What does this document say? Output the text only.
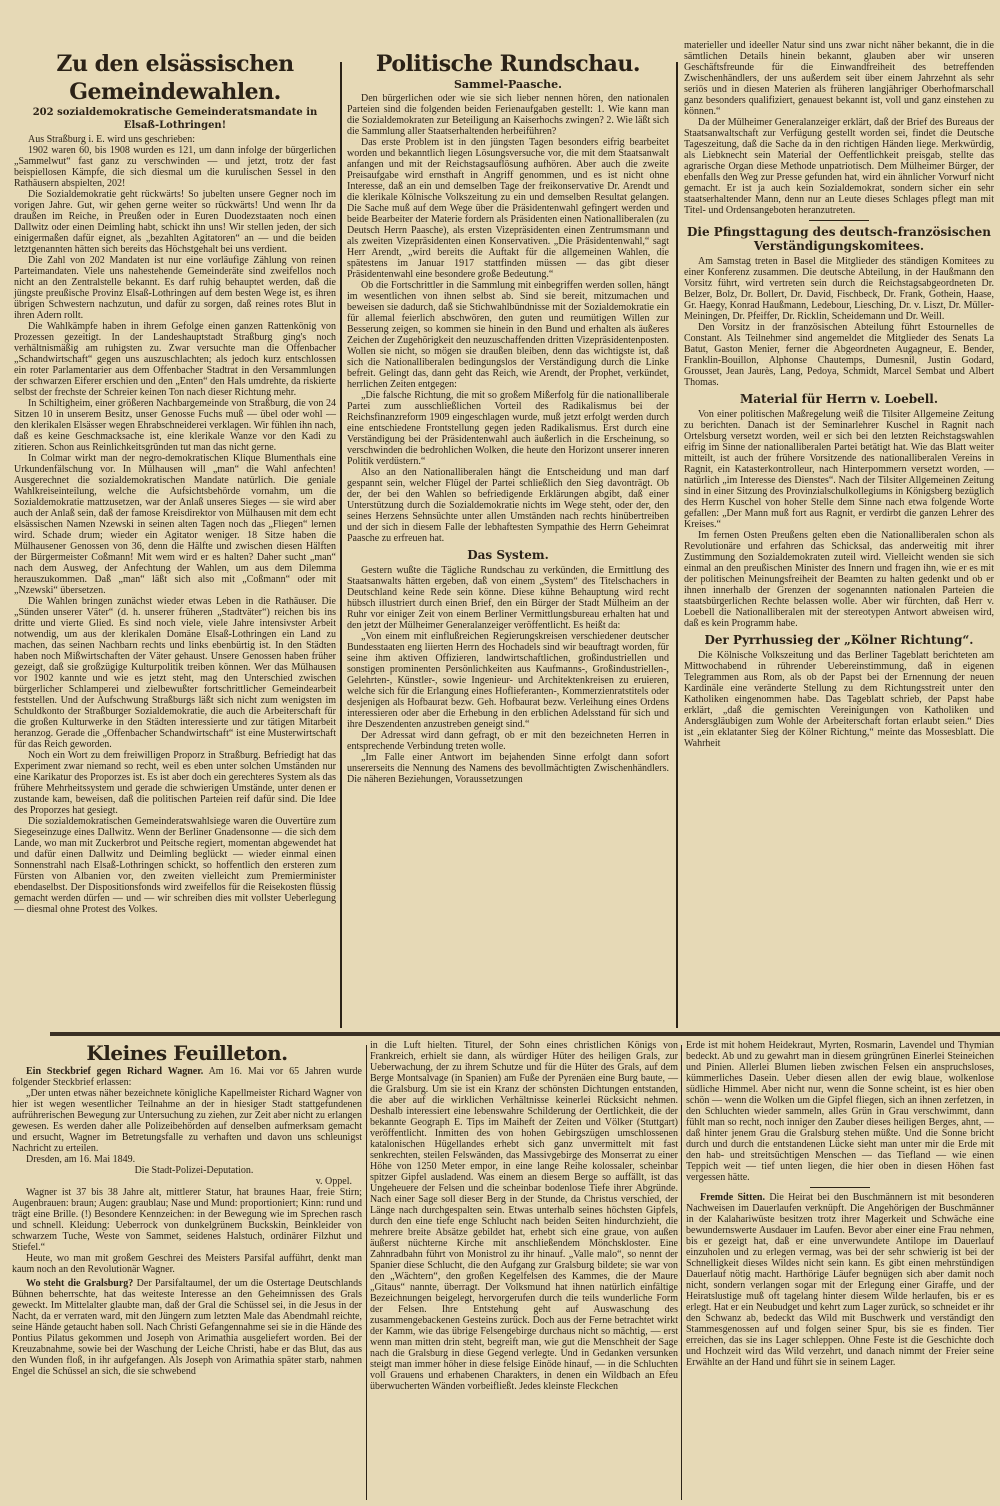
Zu den elsässischen Gemeindewahlen.
202 sozialdemokratische Gemeinderatsmandate in Elsaß-Lothringen!

Aus Straßburg i. E. wird uns geschrieben:

1902 waren 60, bis 1908 wurden es 121, um dann infolge der bürgerlichen „Sammelwut“ fast ganz zu verschwinden — und jetzt, trotz der fast beispiellosen Kämpfe, die sich diesmal um die kurulischen Sessel in den Rathäusern abspielten, 202!

Die Sozialdemokratie geht rückwärts! So jubelten unsere Gegner noch im vorigen Jahre. Gut, wir gehen gerne weiter so rückwärts! Und wenn Ihr da draußen im Reiche, in Preußen oder in Euren Duodezstaaten noch einen Dallwitz oder einen Deimling habt, schickt ihn uns! Wir stellen jeden, der sich einigermaßen dafür eignet, als „bezahlten Agitatoren“ an — und die beiden letztgenannten hätten sich bereits das Höchstgehalt bei uns verdient.

Die Zahl von 202 Mandaten ist nur eine vorläufige Zählung von reinen Parteimandaten. Viele uns nahestehende Gemeinderäte sind zweifellos noch nicht an den Zentralstelle bekannt. Es darf ruhig behauptet werden, daß die jüngste preußische Provinz Elsaß-Lothringen auf dem besten Wege ist, es ihren übrigen Schwestern nachzutun, und dafür zu sorgen, daß reines rotes Blut in ihren Adern rollt.

Die Wahlkämpfe haben in ihrem Gefolge einen ganzen Rattenkönig von Prozessen gezeitigt. In der Landeshauptstadt Straßburg ging's noch verhältnismäßig am ruhigsten zu. Zwar versuchte man die Offenbacher „Schandwirtschaft“ gegen uns auszuschlachten; als jedoch kurz entschlossen ein roter Parlamentarier aus dem Offenbacher Stadtrat in den Versammlungen der schwarzen Eiferer erschien und den „Enten“ den Hals umdrehte, da riskierte selbst der frechste der Schreier keinen Ton nach dieser Richtung mehr.

In Schiltigheim, einer größeren Nachbargemeinde von Straßburg, die von 24 Sitzen 10 in unserem Besitz, unser Genosse Fuchs muß — übel oder wohl — den klerikalen Elsässer wegen Ehrabschneiderei verklagen. Wir fühlen ihn nach, daß es keine Geschmacksache ist, eine klerikale Wanze vor den Kadi zu zitieren. Schon aus Reinlichkeitsgründen tut man das nicht gerne.

In Colmar wirkt man der negro-demokratischen Klique Blumenthals eine Urkundenfälschung vor. In Mülhausen will „man“ die Wahl anfechten! Ausgerechnet die sozialdemokratischen Mandate natürlich. Die geniale Wahlkreiseinteilung, welche die Aufsichtsbehörde vornahm, um die Sozialdemokratie mattzusetzen, war der Anlaß unseres Sieges — sie wird aber auch der Anlaß sein, daß der famose Kreisdirektor von Mülhausen mit dem echt elsässischen Namen Nzewski in seinen alten Tagen noch das „Fliegen“ lernen wird. Schade drum; wieder ein Agitator weniger. 18 Sitze haben die Mülhausener Genossen von 36, denn die Hälfte und zwischen diesen Hälften der Bürgermeister Coßmann! Mit wem wird er es halten? Daher sucht „man“ nach dem Ausweg, der Anfechtung der Wahlen, um aus dem Dilemma herauszukommen. Daß „man“ läßt sich also mit „Coßmann“ oder mit „Nzewski“ übersetzen.

Die Wahlen bringen zunächst wieder etwas Leben in die Rathäuser. Die „Sünden unserer Väter“ (d. h. unserer früheren „Stadtväter“) reichen bis ins dritte und vierte Glied. Es sind noch viele, viele Jahre intensivster Arbeit notwendig, um aus der klerikalen Domäne Elsaß-Lothringen ein Land zu machen, das seinen Nachbarn rechts und links ebenbürtig ist. In den Städten haben noch Mißwirtschaften der Väter gehaust. Unsere Genossen haben früher gezeigt, daß sie großzügige Kulturpolitik treiben können. Wer das Mülhausen vor 1902 kannte und wie es jetzt steht, mag den Unterschied zwischen bürgerlicher Schlamperei und zielbewußter fortschrittlicher Gemeindearbeit feststellen. Und der Aufschwung Straßburgs läßt sich nicht zum wenigsten im Schuldkonto der Straßburger Sozialdemokratie, die auch die Arbeiterschaft für die großen Kulturwerke in den Städten interessierte und zur tätigen Mitarbeit heranzog. Gerade die „Offenbacher Schandwirtschaft“ ist eine Musterwirtschaft für das Reich geworden.

Noch ein Wort zu dem freiwilligen Proporz in Straßburg. Befriedigt hat das Experiment zwar niemand so recht, weil es eben unter solchen Umständen nur eine Karikatur des Proporzes ist. Es ist aber doch ein gerechteres System als das frühere Mehrheitssystem und gerade die schwierigen Umstände, unter denen er zustande kam, beweisen, daß die politischen Parteien reif dafür sind. Die Idee des Proporzes hat gesiegt.

Die sozialdemokratischen Gemeinderatswahlsiege waren die Ouvertüre zum Siegeseinzuge eines Dallwitz. Wenn der Berliner Gnadensonne — die sich dem Lande, wo man mit Zuckerbrot und Peitsche regiert, momentan abgewendet hat und dafür einen Dallwitz und Deimling beglückt — wieder einmal einen Sonnenstrahl nach Elsaß-Lothringen schickt, so hoffentlich den ersteren zum Fürsten von Albanien vor, den zweiten vielleicht zum Premierminister ebendaselbst. Der Dispositionsfonds wird zweifellos für die Reisekosten flüssig gemacht werden dürfen — und — wir schreiben dies mit vollster Ueberlegung — diesmal ohne Protest des Volkes.

Politische Rundschau.
Sammel-Paasche.

Den bürgerlichen oder wie sie sich lieber nennen hören, den nationalen Parteien sind die folgenden beiden Ferienaufgaben gestellt: 1. Wie kann man die Sozialdemokraten zur Beteiligung an Kaiserhochs zwingen? 2. Wie läßt sich die Sammlung aller Staatserhaltenden herbeiführen?

Das erste Problem ist in den jüngsten Tagen besonders eifrig bearbeitet worden und bekanntlich liegen Lösungsversuche vor, die mit dem Staatsanwalt anfangen und mit der Reichstagsauflösung aufhören. Aber auch die zweite Preisaufgabe wird ernsthaft in Angriff genommen, und es ist nicht ohne Interesse, daß an ein und demselben Tage der freikonservative Dr. Arendt und die klerikale Kölnische Volkszeitung zu ein und demselben Resultat gelangen. Die Sache muß auf dem Wege über die Präsidentenwahl gefingert werden und beide Bearbeiter der Materie fordern als Präsidenten einen Nationalliberalen (zu Deutsch Herrn Paasche), als ersten Vizepräsidenten einen Zentrumsmann und als zweiten Vizepräsidenten einen Konservativen. „Die Präsidentenwahl,“ sagt Herr Arendt, „wird bereits die Auftakt für die allgemeinen Wahlen, die spätestens im Januar 1917 stattfinden müssen — das gibt dieser Präsidentenwahl eine besondere große Bedeutung.“

Ob die Fortschrittler in die Sammlung mit einbegriffen werden sollen, hängt im wesentlichen von ihnen selbst ab. Sind sie bereit, mitzumachen und beweisen sie dadurch, daß sie Stichwahlbündnisse mit der Sozialdemokratie ein für allemal feierlich abschwören, den guten und reumütigen Willen zur Besserung zeigen, so kommen sie hinein in den Bund und erhalten als äußeres Zeichen der Zugehörigkeit den neuzuschaffenden dritten Vizepräsidentenposten. Wollen sie nicht, so mögen sie draußen bleiben, denn das wichtigste ist, daß sich die Nationalliberalen bedingungslos der Verständigung durch die Linke befreit. Gelingt das, dann geht das Reich, wie Arendt, der Prophet, verkündet, herrlichen Zeiten entgegen:

„Die falsche Richtung, die mit so großem Mißerfolg für die nationalliberale Partei zum ausschließlichen Vorteil des Radikalismus bei der Reichsfinanzreform 1909 eingeschlagen wurde, muß jetzt erfolgt werden durch eine entschiedene Frontstellung gegen jeden Radikalismus. Erst durch eine Verständigung bei der Präsidentenwahl auch äußerlich in die Erscheinung, so verschwinden die bedrohlichen Wolken, die heute den Horizont unserer inneren Politik verdüstern.“

Also an den Nationalliberalen hängt die Entscheidung und man darf gespannt sein, welcher Flügel der Partei schließlich den Sieg davonträgt. Ob der, der bei den Wahlen so befriedigende Erklärungen abgibt, daß einer Unterstützung durch die Sozialdemokratie nichts im Wege steht, oder der, den seines Herzens Sehnsüchte unter allen Umständen nach rechts hinübertreiben und der sich in diesem Falle der lebhaftesten Sympathie des Herrn Geheimrat Paasche zu erfreuen hat.

Das System.

Gestern wußte die Tägliche Rundschau zu verkünden, die Ermittlung des Staatsanwalts hätten ergeben, daß von einem „System“ des Titelschachers in Deutschland keine Rede sein könne. Diese kühne Behauptung wird recht hübsch illustriert durch einen Brief, den ein Bürger der Stadt Mülheim an der Ruhr vor einiger Zeit von einem Berliner Vermittlungsbureau erhalten hat und den jetzt der Mülheimer Generalanzeiger veröffentlicht. Es heißt da:

„Von einem mit einflußreichen Regierungskreisen verschiedener deutscher Bundesstaaten eng liierten Herrn des Hochadels sind wir beauftragt worden, für seine ihm aktiven Offizieren, landwirtschaftlichen, großindustriellen und sonstigen prominenten Persönlichkeiten aus Kaufmanns-, Großindustriellen-, Gelehrten-, Künstler-, sowie Ingenieur- und Architektenkreisen zu eruieren, welche sich für die Erlangung eines Hoflieferanten-, Kommerzienratstitels oder desjenigen als Hofbaurat bezw. Geh. Hofbaurat bezw. Verleihung eines Ordens interessieren oder aber die Erhebung in den erblichen Adelsstand für sich und ihre Deszendenten anzustreben geneigt sind.“

Der Adressat wird dann gefragt, ob er mit den bezeichneten Herren in entsprechende Verbindung treten wolle.

„Im Falle einer Antwort im bejahenden Sinne erfolgt dann sofort unsererseits die Nennung des Namens des bevollmächtigten Zwischenhändlers. Die näheren Beziehungen, Voraussetzungen

materieller und ideeller Natur sind uns zwar nicht näher bekannt, die in die sämtlichen Details hinein bekannt, glauben aber wir unseren Geschäftsfreunde für die Einwandfreiheit des betreffenden Zwischenhändlers, der uns außerdem seit über einem Jahrzehnt als sehr seriös und in diesen Materien als früheren langjähriger Oberhofmarschall ganz besonders qualifiziert, genauest bekannt ist, voll und ganz einstehen zu können.“

Da der Mülheimer Generalanzeiger erklärt, daß der Brief des Bureaus der Staatsanwaltschaft zur Verfügung gestellt worden sei, findet die Deutsche Tageszeitung, daß die Sache da in den richtigen Händen liege. Merkwürdig, als Liebknecht sein Material der Oeffentlichkeit preisgab, stellte das agrarische Organ diese Methode unpatriotisch. Dem Mülheimer Bürger, der ebenfalls den Weg zur Presse gefunden hat, wird ein ähnlicher Vorwurf nicht gemacht. Er ist ja auch kein Sozialdemokrat, sondern sicher ein sehr staatserhaltender Mann, denn nur an Leute dieses Schlages pflegt man mit Titel- und Ordensangeboten heranzutreten.

Die Pfingsttagung des deutsch-französischen Verständigungskomitees.

Am Samstag treten in Basel die Mitglieder des ständigen Komitees zu einer Konferenz zusammen. Die deutsche Abteilung, in der Haußmann den Vorsitz führt, wird vertreten sein durch die Reichstagsabgeordneten Dr. Belzer, Bolz, Dr. Bollert, Dr. David, Fischbeck, Dr. Frank, Gothein, Haase, Gr. Haegy, Konrad Haußmann, Ledebour, Liesching, Dr. v. Liszt, Dr. Müller-Meiningen, Dr. Pfeiffer, Dr. Ricklin, Scheidemann und Dr. Weill.

Den Vorsitz in der französischen Abteilung führt Estournelles de Constant. Als Teilnehmer sind angemeldet die Mitglieder des Senats La Batut, Gaston Menier, ferner die Abgeordneten Augagneur, E. Bender, Franklin-Bouillon, Alphonse Chautemps, Dumesnil, Justin Godard, Grousset, Jean Jaurès, Lang, Pedoya, Schmidt, Marcel Sembat und Albert Thomas.

Material für Herrn v. Loebell.

Von einer politischen Maßregelung weiß die Tilsiter Allgemeine Zeitung zu berichten. Danach ist der Seminarlehrer Kuschel in Ragnit nach Ortelsburg versetzt worden, weil er sich bei den letzten Reichstagswahlen eifrig im Sinne der nationalliberalen Partei betätigt hat. Wie das Blatt weiter mitteilt, ist auch der frühere Vorsitzende des nationalliberalen Vereins in Ragnit, ein Katasterkontrolleur, nach Hinterpommern versetzt worden, — natürlich „im Interesse des Dienstes“. Nach der Tilsiter Allgemeinen Zeitung sind in einer Sitzung des Provinzialschulkollegiums in Königsberg bezüglich des Herrn Kuschel von hoher Stelle dem Sinne nach etwa folgende Worte gefallen: „Der Mann muß fort aus Ragnit, er verdirbt die ganzen Lehrer des Kreises.“

Im fernen Osten Preußens gelten eben die Nationalliberalen schon als Revolutionäre und erfahren das Schicksal, das anderweitig mit ihrer Zustimmung den Sozialdemokraten zuteil wird. Vielleicht wenden sie sich einmal an den preußischen Minister des Innern und fragen ihn, wie er es mit der politischen Meinungsfreiheit der Beamten zu halten gedenkt und ob er ihnen innerhalb der Grenzen der sogenannten nationalen Parteien die staatsbürgerlichen Rechte belassen wolle. Aber wir fürchten, daß Herr v. Loebell die Nationalliberalen mit der stereotypen Antwort abweisen wird, daß es kein Programm habe.

Der Pyrrhussieg der „Kölner Richtung“.

Die Kölnische Volkszeitung und das Berliner Tageblatt berichteten am Mittwochabend in rührender Uebereinstimmung, daß in eigenen Telegrammen aus Rom, als ob der Papst bei der Ernennung der neuen Kardinäle eine veränderte Stellung zu dem Richtungsstreit unter den Katholiken eingenommen habe. Das Tageblatt schrieb, der Papst habe erklärt, „daß die gemischten Vereinigungen von Katholiken und Andersgläubigen zum Wohle der Arbeiterschaft fortan erlaubt seien.“ Dies ist „ein eklatanter Sieg der Kölner Richtung,“ meinte das Mossesblatt. Die Wahrheit

Kleines Feuilleton.

Ein Steckbrief gegen Richard Wagner. Am 16. Mai vor 65 Jahren wurde folgender Steckbrief erlassen:

„Der unten etwas näher bezeichnete königliche Kapellmeister Richard Wagner von hier ist wegen wesentlicher Teilnahme an der in hiesiger Stadt stattgefundenen aufrührerischen Bewegung zur Untersuchung zu ziehen, zur Zeit aber nicht zu erlangen gewesen. Es werden daher alle Polizeibehörden auf denselben aufmerksam gemacht und ersucht, Wagner im Betretungsfalle zu verhaften und davon uns schleunigst Nachricht zu erteilen.

Dresden, am 16. Mai 1849.

Die Stadt-Polizei-Deputation.

v. Oppel.

Wagner ist 37 bis 38 Jahre alt, mittlerer Statur, hat braunes Haar, freie Stirn; Augenbrauen: braun; Augen: graublau; Nase und Mund: proportioniert; Kinn: rund und trägt eine Brille. (!) Besondere Kennzeichen: in der Bewegung wie im Sprechen rasch und schnell. Kleidung: Ueberrock von dunkelgrünem Buckskin, Beinkleider von schwarzem Tuche, Weste von Sammet, seidenes Halstuch, ordinärer Filzhut und Stiefel.“

Heute, wo man mit großem Geschrei des Meisters Parsifal aufführt, denkt man kaum noch an den Revolutionär Wagner.

Wo steht die Gralsburg? Der Parsifaltaumel, der um die Ostertage Deutschlands Bühnen beherrschte, hat das weiteste Interesse an den Geheimnissen des Grals geweckt. Im Mittelalter glaubte man, daß der Gral die Schüssel sei, in die Jesus in der Nacht, da er verraten ward, mit den Jüngern zum letzten Male das Abendmahl reichte, seine Hände getaucht haben soll. Nach Christi Gefangennahme sei sie in die Hände des Pontius Pilatus gekommen und Joseph von Arimathia ausgeliefert worden. Bei der Kreuzabnahme, sowie bei der Waschung der Leiche Christi, habe er das Blut, das aus den Wunden floß, in ihr aufgefangen. Als Joseph von Arimathia später starb, nahmen Engel die Schüssel an sich, die sie schwebend

in die Luft hielten. Titurel, der Sohn eines christlichen Königs von Frankreich, erhielt sie dann, als würdiger Hüter des heiligen Grals, zur Ueberwachung, der zu ihrem Schutze und für die Hüter des Grals, auf dem Berge Montsalvage (in Spanien) am Fuße der Pyrenäen eine Burg baute, — die Gralsburg. Um sie ist ein Kranz der schönsten Dichtungen entstanden, die aber auf die wirklichen Verhältnisse keinerlei Rücksicht nehmen. Deshalb interessiert eine lebenswahre Schilderung der Oertlichkeit, die der bekannte Geograph E. Tips im Maiheft der Zeiten und Völker (Stuttgart) veröffentlicht. Inmitten des von hohen Gebirgszügen umschlossenen katalonischen Hügellandes erhebt sich ganz unvermittelt mit fast senkrechten, steilen Felswänden, das Massivgebirge des Monserrat zu einer Höhe von 1250 Meter empor, in eine lange Reihe kolossaler, scheinbar spitzer Gipfel ausladend. Was einem an diesem Berge so auffällt, ist das Ungeheuere der Felsen und die scheinbar bodenlose Tiefe ihrer Abgründe. Nach einer Sage soll dieser Berg in der Stunde, da Christus verschied, der Länge nach durchgespalten sein. Etwas unterhalb seines höchsten Gipfels, durch den eine tiefe enge Schlucht nach beiden Seiten hindurchzieht, die mehrere breite Absätze gebildet hat, erhebt sich eine graue, von außen äußerst nüchterne Kirche mit anschließendem Mönchskloster. Eine Zahnradbahn führt von Monistrol zu ihr hinauf. „Valle malo“, so nennt der Spanier diese Schlucht, die den Aufgang zur Gralsburg bildete; sie war von den „Wächtern“, den großen Kegelfelsen des Kammes, die der Maure „Gitaus“ nannte, überragt. Der Volksmund hat ihnen natürlich einfältige Bezeichnungen beigelegt, hervorgerufen durch die teils wunderliche Form der Felsen. Ihre Entstehung geht auf Auswaschung des zusammengebackenen Gesteins zurück. Doch aus der Ferne betrachtet wirkt der Kamm, wie das übrige Felsengebirge durchaus nicht so mächtig, — erst wenn man mitten drin steht, begreift man, wie gut die Menschheit der Sage nach die Gralsburg in diese Gegend verlegte. Und in Gedanken versunken steigt man immer höher in diese felsige Einöde hinauf, — in die Schluchten voll Grauens und erhabenen Charakters, in denen ein Wildbach an Efeu überwucherten Wänden vorbeifließt. Jedes kleinste Fleckchen

Erde ist mit hohem Heidekraut, Myrten, Rosmarin, Lavendel und Thymian bedeckt. Ab und zu gewahrt man in diesem grüngrünen Einerlei Steineichen und Pinien. Allerlei Blumen lieben zwischen Felsen ein anspruchsloses, kümmerliches Dasein. Ueber diesen allen der ewig blaue, wolkenlose südliche Himmel. Aber nicht nur, wenn die Sonne scheint, ist es hier oben schön — wenn die Wolken um die Gipfel fliegen, sich an ihnen zerfetzen, in den Schluchten wieder sammeln, alles Grün in Grau verschwimmt, dann fühlt man so recht, noch inniger den Zauber dieses heiligen Berges, ahnt, — daß hinter jenem Grau die Gralsburg stehen müßte. Und die Sonne bricht durch und durch die entstandenen Lücke sieht man unter mir die Erde mit den hab- und streitsüchtigen Menschen — das Tiefland — wie einen Teppich weit — tief unten liegen, die hier oben in diesen Höhen fast vergessen hätte.

Fremde Sitten. Die Heirat bei den Buschmännern ist mit besonderen Nachweisen im Dauerlaufen verknüpft. Die Angehörigen der Buschmänner in der Kalahariwüste besitzen trotz ihrer Magerkeit und Schwäche eine bewundernswerte Ausdauer im Laufen. Bevor aber einer eine Frau nehmen, bis er gezeigt hat, daß er eine unverwundete Antilope im Dauerlauf einzuholen und zu erlegen vermag, was bei der sehr schwierig ist bei der Schnelligkeit dieses Wildes nicht sein kann. Es gibt einen mehrstündigen Dauerlauf nötig macht. Harthörige Läufer begnügen sich aber damit noch nicht, sondern verlangen sogar mit der Erlegung einer Giraffe, und der Heiratslustige muß oft tagelang hinter diesem Wilde herlaufen, bis er es erlegt. Hat er ein Neubudget und kehrt zum Lager zurück, so schneidet er ihr den Schwanz ab, bedeckt das Wild mit Buschwerk und verständigt den Stammesgenossen auf und folgen seiner Spur, bis sie es finden. Tier erreichen, das sie ins Lager schleppen. Ohne Feste ist die Geschichte doch und Hochzeit wird das Wild verzehrt, und danach nimmt der Freier seine Erwählte an der Hand und führt sie in seinem Lager.
